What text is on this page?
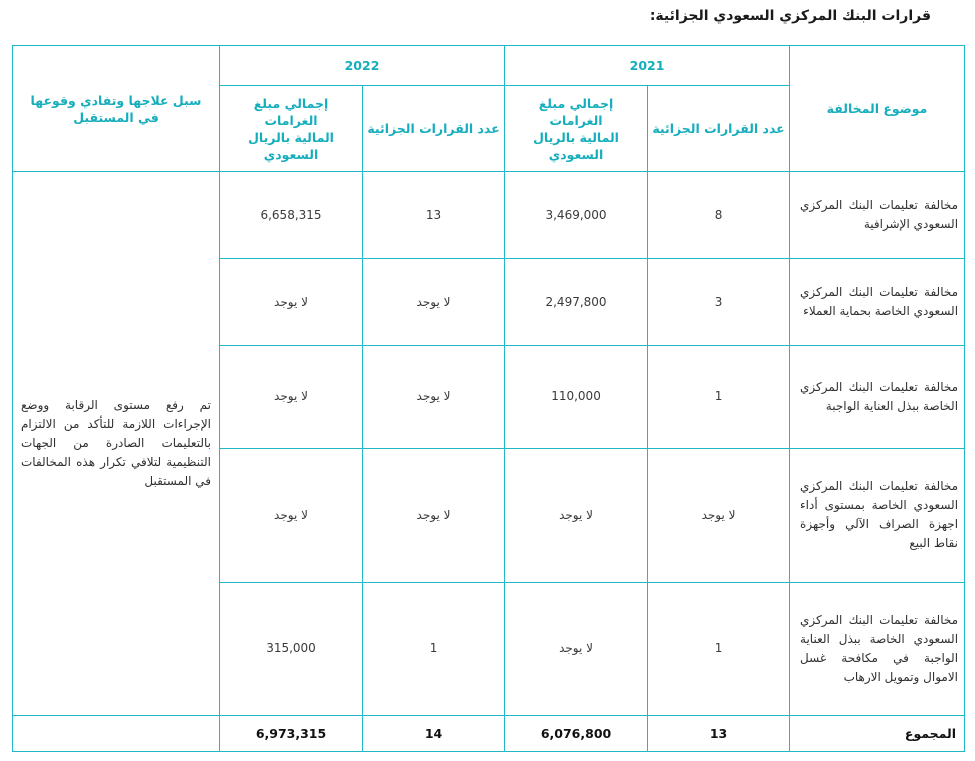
قرارات البنك المركزي السعودي الجزائية:
موضوع المخالفة	2021		2022		سبل علاجها وتفادي وقوعها في المستقبل
	عدد القرارات الجزائية	إجمالي مبلغ الغرامات المالية بالريال السعودي	عدد القرارات الجزائية	إجمالي مبلغ الغرامات المالية بالريال السعودي	
مخالفة تعليمات البنك المركزي السعودي الإشرافية	8	3,469,000	13	6,658,315	تم رفع مستوى الرقابة ووضع الإجراءات اللازمة للتأكد من الالتزام بالتعليمات الصادرة من الجهات التنظيمية لتلافي تكرار هذه المخالفات في المستقبل
مخالفة تعليمات البنك المركزي السعودي الخاصة بحماية العملاء	3	2,497,800	لا يوجد	لا يوجد	
مخالفة تعليمات البنك المركزي الخاصة ببذل العناية الواجبة	1	110,000	لا يوجد	لا يوجد	
مخالفة تعليمات البنك المركزي السعودي الخاصة بمستوى أداء اجهزة الصراف الآلي وأجهزة نقاط البيع	لا يوجد	لا يوجد	لا يوجد	لا يوجد	
مخالفة تعليمات البنك المركزي السعودي الخاصة ببذل العناية الواجبة في مكافحة غسل الاموال وتمويل الارهاب	1	لا يوجد	1	315,000	
المجموع	13	6,076,800	14	6,973,315	
